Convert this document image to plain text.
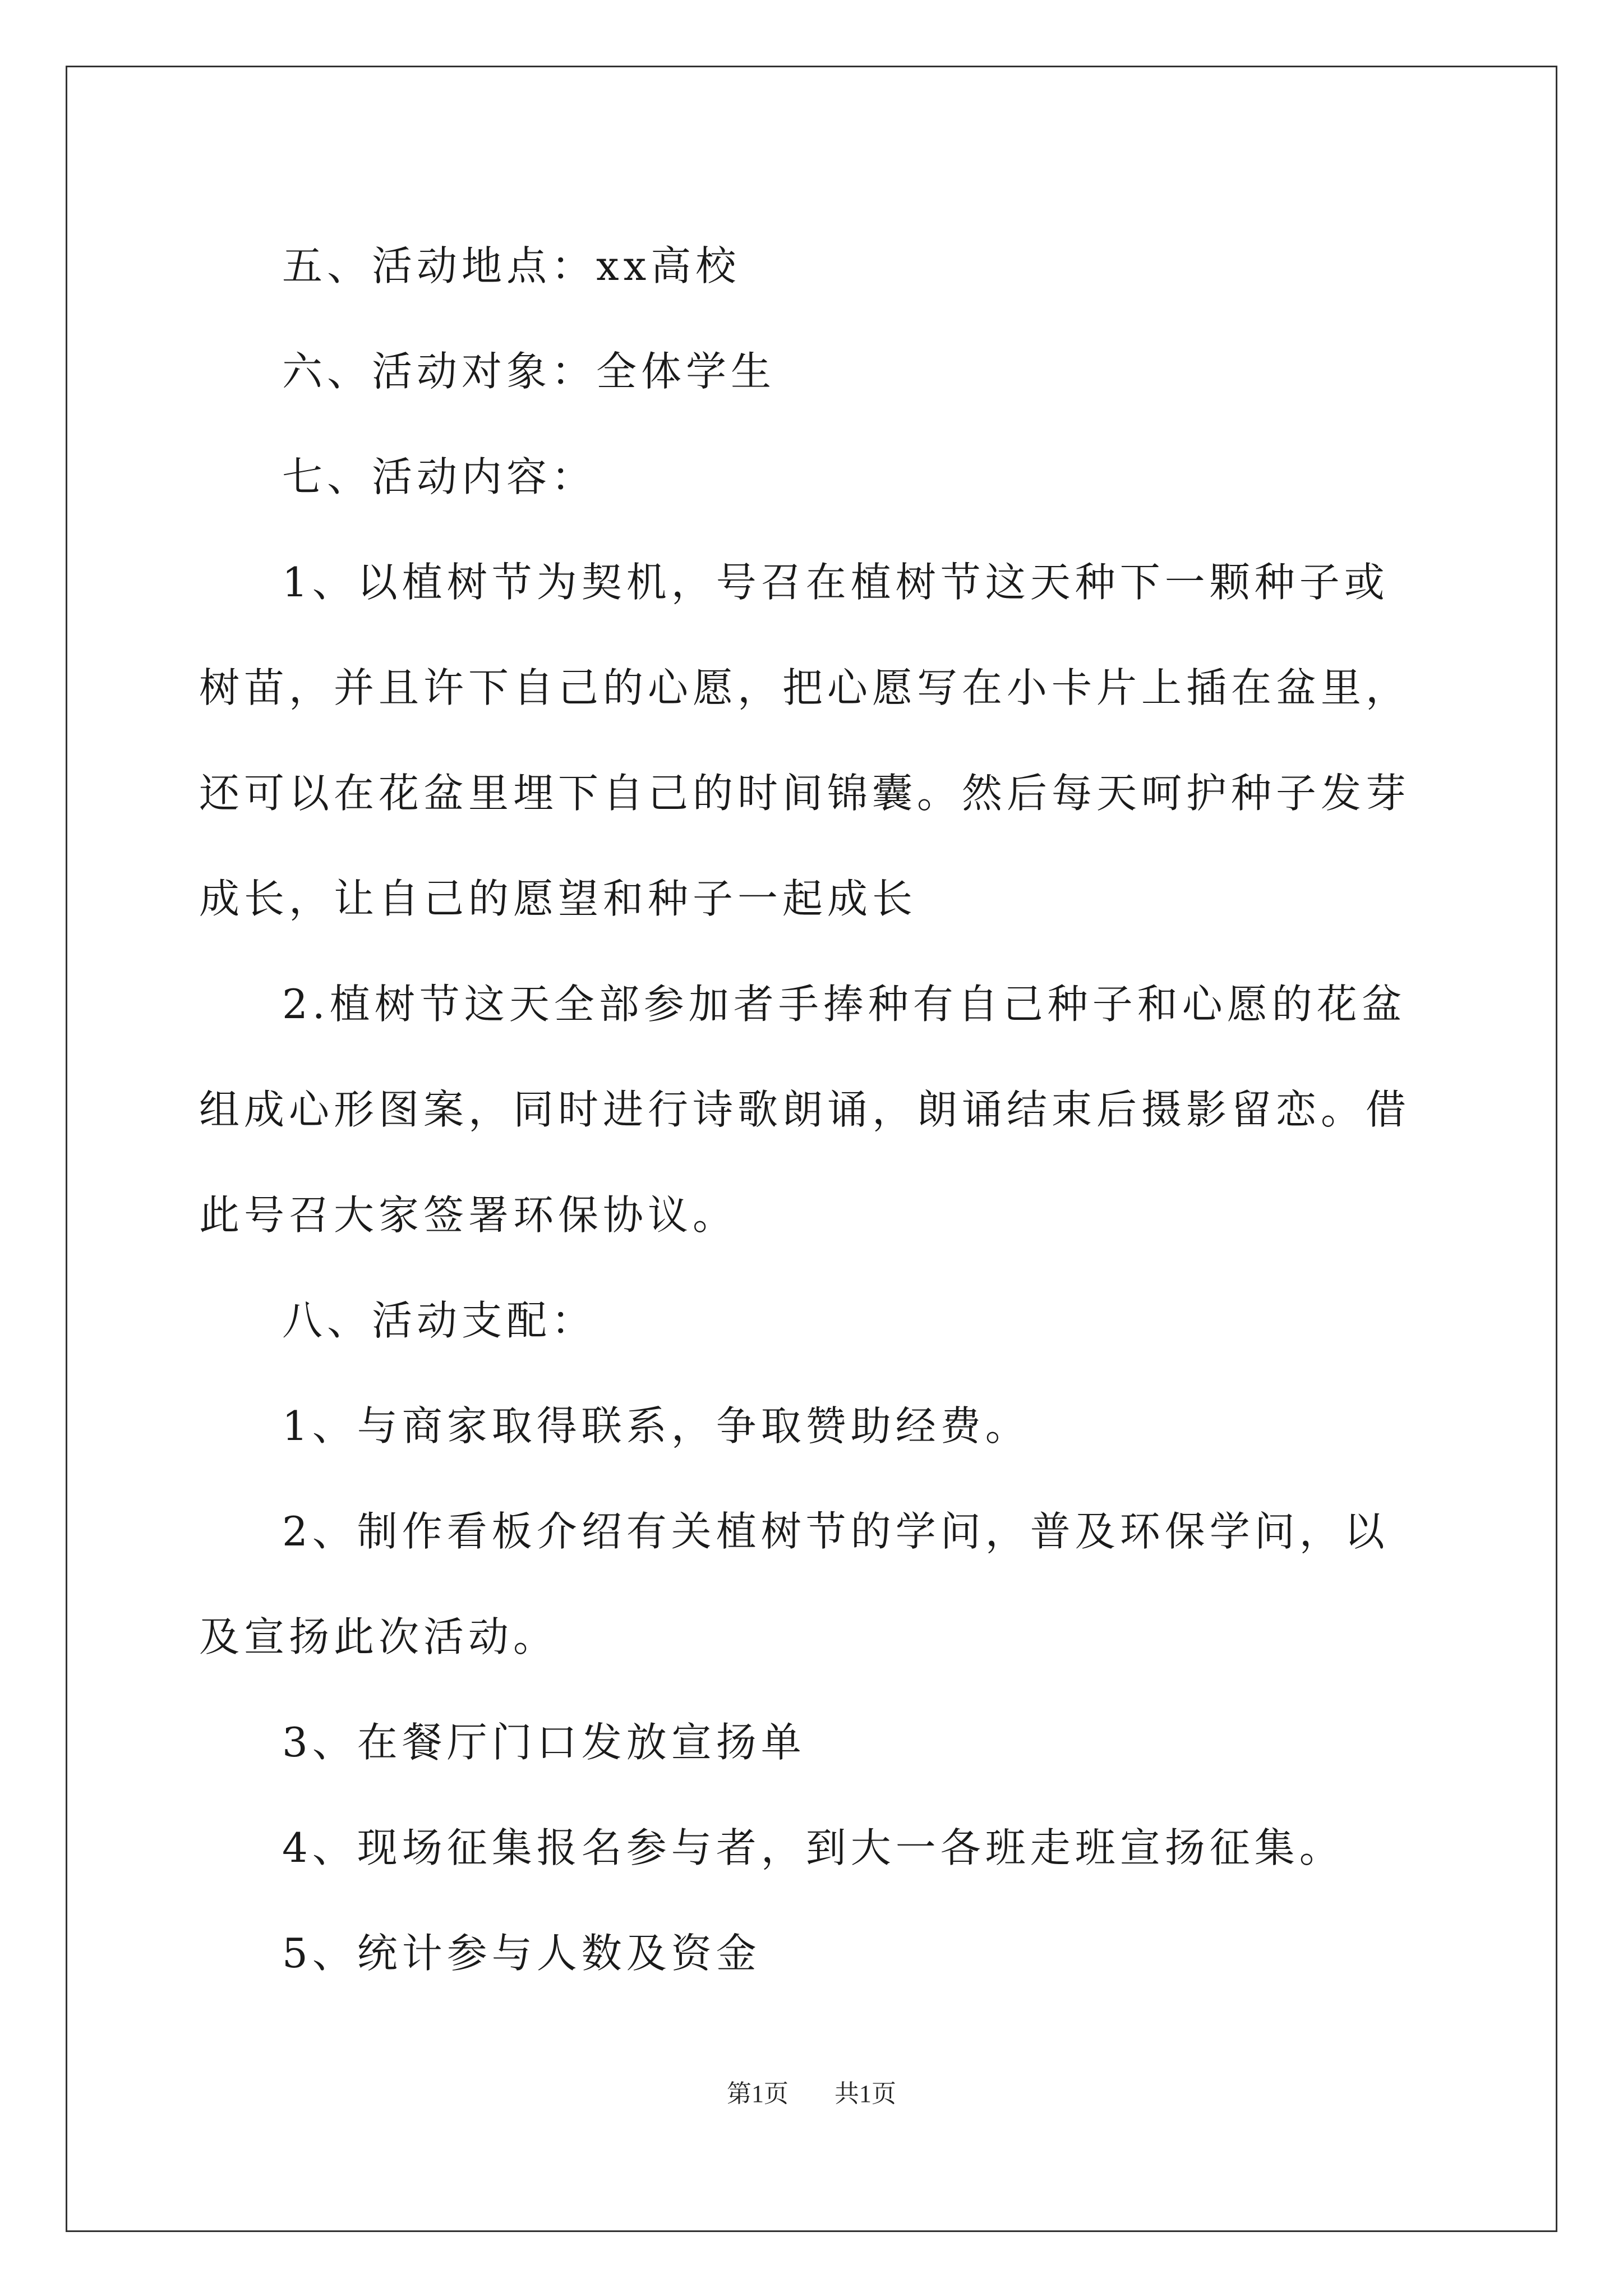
五、活动地点：xx高校

六、活动对象：全体学生

七、活动内容：

1、以植树节为契机，号召在植树节这天种下一颗种子或树苗，并且许下自己的心愿，把心愿写在小卡片上插在盆里，还可以在花盆里埋下自己的时间锦囊。然后每天呵护种子发芽成长，让自己的愿望和种子一起成长

2.植树节这天全部参加者手捧种有自己种子和心愿的花盆组成心形图案，同时进行诗歌朗诵，朗诵结束后摄影留恋。借此号召大家签署环保协议。

八、活动支配：

1、与商家取得联系，争取赞助经费。

2、制作看板介绍有关植树节的学问，普及环保学问，以及宣扬此次活动。

3、在餐厅门口发放宣扬单

4、现场征集报名参与者，到大一各班走班宣扬征集。

5、统计参与人数及资金

第1页 共1页
